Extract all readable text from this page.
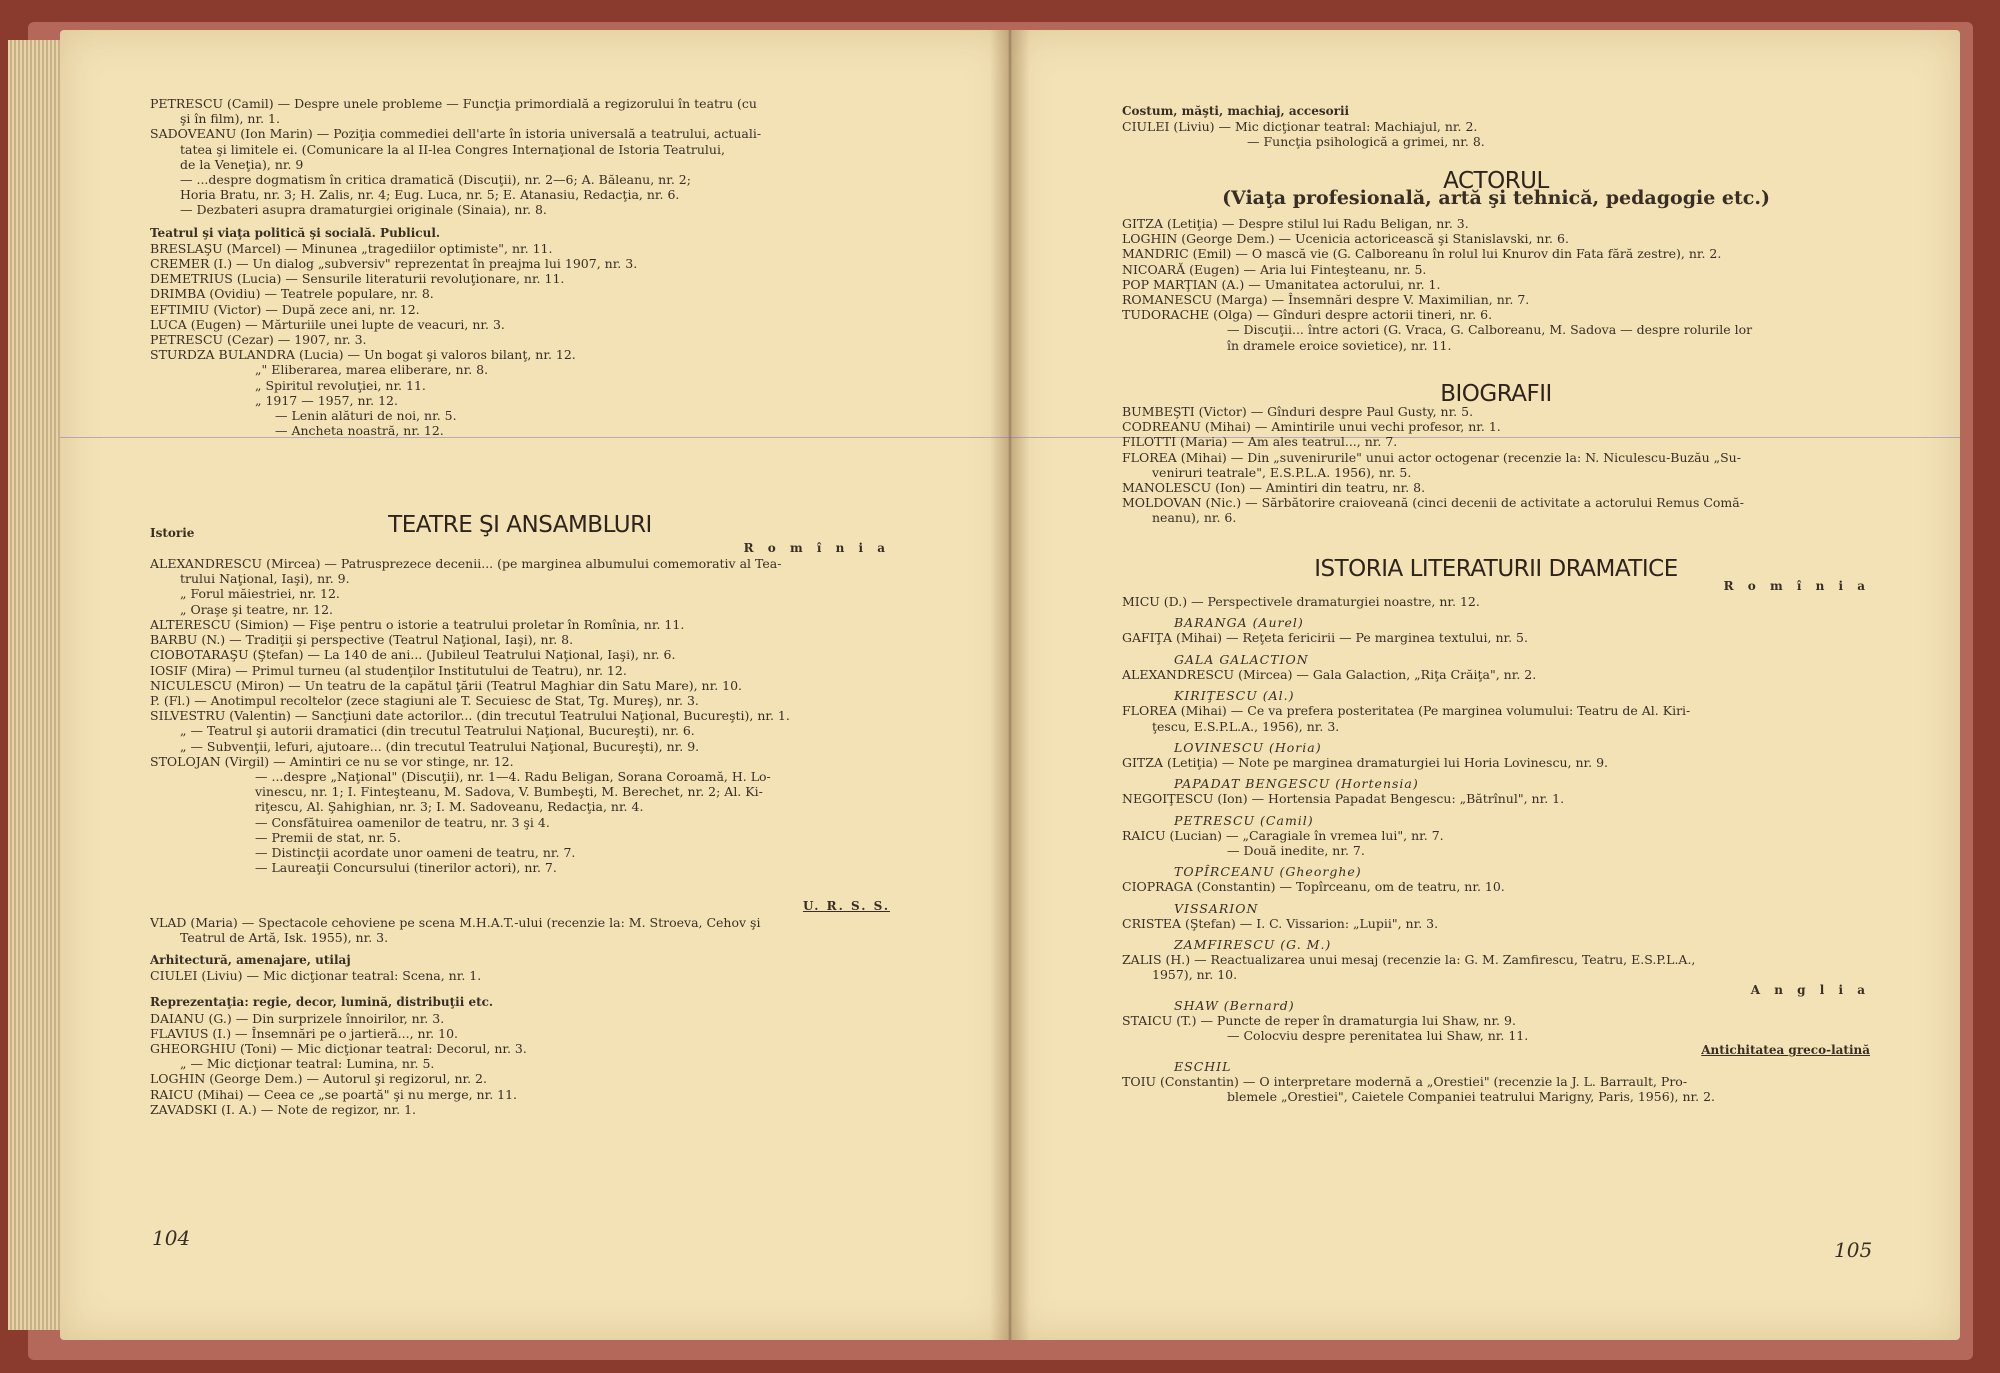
PETRESCU (Camil) — Despre unele probleme — Funcţia primordială a regizorului în teatru (cu
şi în film), nr. 1.
SADOVEANU (Ion Marin) — Poziţia commediei dell'arte în istoria universală a teatrului, actuali-
tatea şi limitele ei. (Comunicare la al II-lea Congres Internaţional de Istoria Teatrului,
de la Veneţia), nr. 9
— ...despre dogmatism în critica dramatică (Discuţii), nr. 2—6; A. Băleanu, nr. 2;
Horia Bratu, nr. 3; H. Zalis, nr. 4; Eug. Luca, nr. 5; E. Atanasiu, Redacţia, nr. 6.
— Dezbateri asupra dramaturgiei originale (Sinaia), nr. 8.
Teatrul şi viaţa politică şi socială. Publicul.
BRESLAŞU (Marcel) — Minunea „tragediilor optimiste", nr. 11.
CREMER (I.) — Un dialog „subversiv" reprezentat în preajma lui 1907, nr. 3.
DEMETRIUS (Lucia) — Sensurile literaturii revoluţionare, nr. 11.
DRIMBA (Ovidiu) — Teatrele populare, nr. 8.
EFTIMIU (Victor) — După zece ani, nr. 12.
LUCA (Eugen) — Mărturiile unei lupte de veacuri, nr. 3.
PETRESCU (Cezar) — 1907, nr. 3.
STURDZA BULANDRA (Lucia) — Un bogat şi valoros bilanţ, nr. 12.
„" Eliberarea, marea eliberare, nr. 8.
„ Spiritul revoluţiei, nr. 11.
„ 1917 — 1957, nr. 12.
— Lenin alături de noi, nr. 5.
— Ancheta noastră, nr. 12.
TEATRE ŞI ANSAMBLURI
Istorie
R o m î n i a
ALEXANDRESCU (Mircea) — Patrusprezece decenii... (pe marginea albumului comemorativ al Tea-
trului Naţional, Iaşi), nr. 9.
„ Forul măiestriei, nr. 12.
„ Oraşe şi teatre, nr. 12.
ALTERESCU (Simion) — Fişe pentru o istorie a teatrului proletar în Romînia, nr. 11.
BARBU (N.) — Tradiţii şi perspective (Teatrul Naţional, Iaşi), nr. 8.
CIOBOTARAŞU (Ştefan) — La 140 de ani... (Jubileul Teatrului Naţional, Iaşi), nr. 6.
IOSIF (Mira) — Primul turneu (al studenţilor Institutului de Teatru), nr. 12.
NICULESCU (Miron) — Un teatru de la capătul ţării (Teatrul Maghiar din Satu Mare), nr. 10.
P. (Fl.) — Anotimpul recoltelor (zece stagiuni ale T. Secuiesc de Stat, Tg. Mureş), nr. 3.
SILVESTRU (Valentin) — Sancţiuni date actorilor... (din trecutul Teatrului Naţional, Bucureşti), nr. 1.
„ — Teatrul şi autorii dramatici (din trecutul Teatrului Naţional, Bucureşti), nr. 6.
„ — Subvenţii, lefuri, ajutoare... (din trecutul Teatrului Naţional, Bucureşti), nr. 9.
STOLOJAN (Virgil) — Amintiri ce nu se vor stinge, nr. 12.
— ...despre „Naţional" (Discuţii), nr. 1—4. Radu Beligan, Sorana Coroamă, H. Lo-
vinescu, nr. 1; I. Finteşteanu, M. Sadova, V. Bumbeşti, M. Berechet, nr. 2; Al. Ki-
riţescu, Al. Şahighian, nr. 3; I. M. Sadoveanu, Redacţia, nr. 4.
— Consfătuirea oamenilor de teatru, nr. 3 şi 4.
— Premii de stat, nr. 5.
— Distincţii acordate unor oameni de teatru, nr. 7.
— Laureaţii Concursului (tinerilor actori), nr. 7.
U. R. S. S.
VLAD (Maria) — Spectacole cehoviene pe scena M.H.A.T.-ului (recenzie la: M. Stroeva, Cehov şi
Teatrul de Artă, Isk. 1955), nr. 3.
Arhitectură, amenajare, utilaj
CIULEI (Liviu) — Mic dicţionar teatral: Scena, nr. 1.
Reprezentaţia: regie, decor, lumină, distribuţii etc.
DAIANU (G.) — Din surprizele înnoirilor, nr. 3.
FLAVIUS (I.) — Însemnări pe o jartieră..., nr. 10.
GHEORGHIU (Toni) — Mic dicţionar teatral: Decorul, nr. 3.
„ — Mic dicţionar teatral: Lumina, nr. 5.
LOGHIN (George Dem.) — Autorul şi regizorul, nr. 2.
RAICU (Mihai) — Ceea ce „se poartă" şi nu merge, nr. 11.
ZAVADSKI (I. A.) — Note de regizor, nr. 1.
104
Costum, măşti, machiaj, accesorii
CIULEI (Liviu) — Mic dicţionar teatral: Machiajul, nr. 2.
— Funcţia psihologică a grimei, nr. 8.
ACTORUL
(Viaţa profesională, artă şi tehnică, pedagogie etc.)
GITZA (Letiţia) — Despre stilul lui Radu Beligan, nr. 3.
LOGHIN (George Dem.) — Ucenicia actoricească şi Stanislavski, nr. 6.
MANDRIC (Emil) — O mască vie (G. Calboreanu în rolul lui Knurov din Fata fără zestre), nr. 2.
NICOARĂ (Eugen) — Aria lui Finteşteanu, nr. 5.
POP MARŢIAN (A.) — Umanitatea actorului, nr. 1.
ROMANESCU (Marga) — Însemnări despre V. Maximilian, nr. 7.
TUDORACHE (Olga) — Gînduri despre actorii tineri, nr. 6.
— Discuţii... între actori (G. Vraca, G. Calboreanu, M. Sadova — despre rolurile lor
în dramele eroice sovietice), nr. 11.
BIOGRAFII
BUMBEŞTI (Victor) — Gînduri despre Paul Gusty, nr. 5.
CODREANU (Mihai) — Amintirile unui vechi profesor, nr. 1.
FILOTTI (Maria) — Am ales teatrul..., nr. 7.
FLOREA (Mihai) — Din „suvenirurile" unui actor octogenar (recenzie la: N. Niculescu-Buzău „Su-
veniruri teatrale", E.S.P.L.A. 1956), nr. 5.
MANOLESCU (Ion) — Amintiri din teatru, nr. 8.
MOLDOVAN (Nic.) — Sărbătorire craioveană (cinci decenii de activitate a actorului Remus Comă-
neanu), nr. 6.
ISTORIA LITERATURII DRAMATICE
R o m î n i a
MICU (D.) — Perspectivele dramaturgiei noastre, nr. 12.
BARANGA (Aurel)
GAFIŢA (Mihai) — Reţeta fericirii — Pe marginea textului, nr. 5.
GALA GALACTION
ALEXANDRESCU (Mircea) — Gala Galaction, „Riţa Crăiţa", nr. 2.
KIRIŢESCU (Al.)
FLOREA (Mihai) — Ce va prefera posteritatea (Pe marginea volumului: Teatru de Al. Kiri-
ţescu, E.S.P.L.A., 1956), nr. 3.
LOVINESCU (Horia)
GITZA (Letiţia) — Note pe marginea dramaturgiei lui Horia Lovinescu, nr. 9.
PAPADAT BENGESCU (Hortensia)
NEGOIŢESCU (Ion) — Hortensia Papadat Bengescu: „Bătrînul", nr. 1.
PETRESCU (Camil)
RAICU (Lucian) — „Caragiale în vremea lui", nr. 7.
— Două inedite, nr. 7.
TOPÎRCEANU (Gheorghe)
CIOPRAGA (Constantin) — Topîrceanu, om de teatru, nr. 10.
VISSARION
CRISTEA (Ştefan) — I. C. Vissarion: „Lupii", nr. 3.
ZAMFIRESCU (G. M.)
ZALIS (H.) — Reactualizarea unui mesaj (recenzie la: G. M. Zamfirescu, Teatru, E.S.P.L.A.,
1957), nr. 10.
A n g l i a
SHAW (Bernard)
STAICU (T.) — Puncte de reper în dramaturgia lui Shaw, nr. 9.
— Colocviu despre perenitatea lui Shaw, nr. 11.
Antichitatea greco-latină
ESCHIL
TOIU (Constantin) — O interpretare modernă a „Orestiei" (recenzie la J. L. Barrault, Pro-
blemele „Orestiei", Caietele Companiei teatrului Marigny, Paris, 1956), nr. 2.
105
